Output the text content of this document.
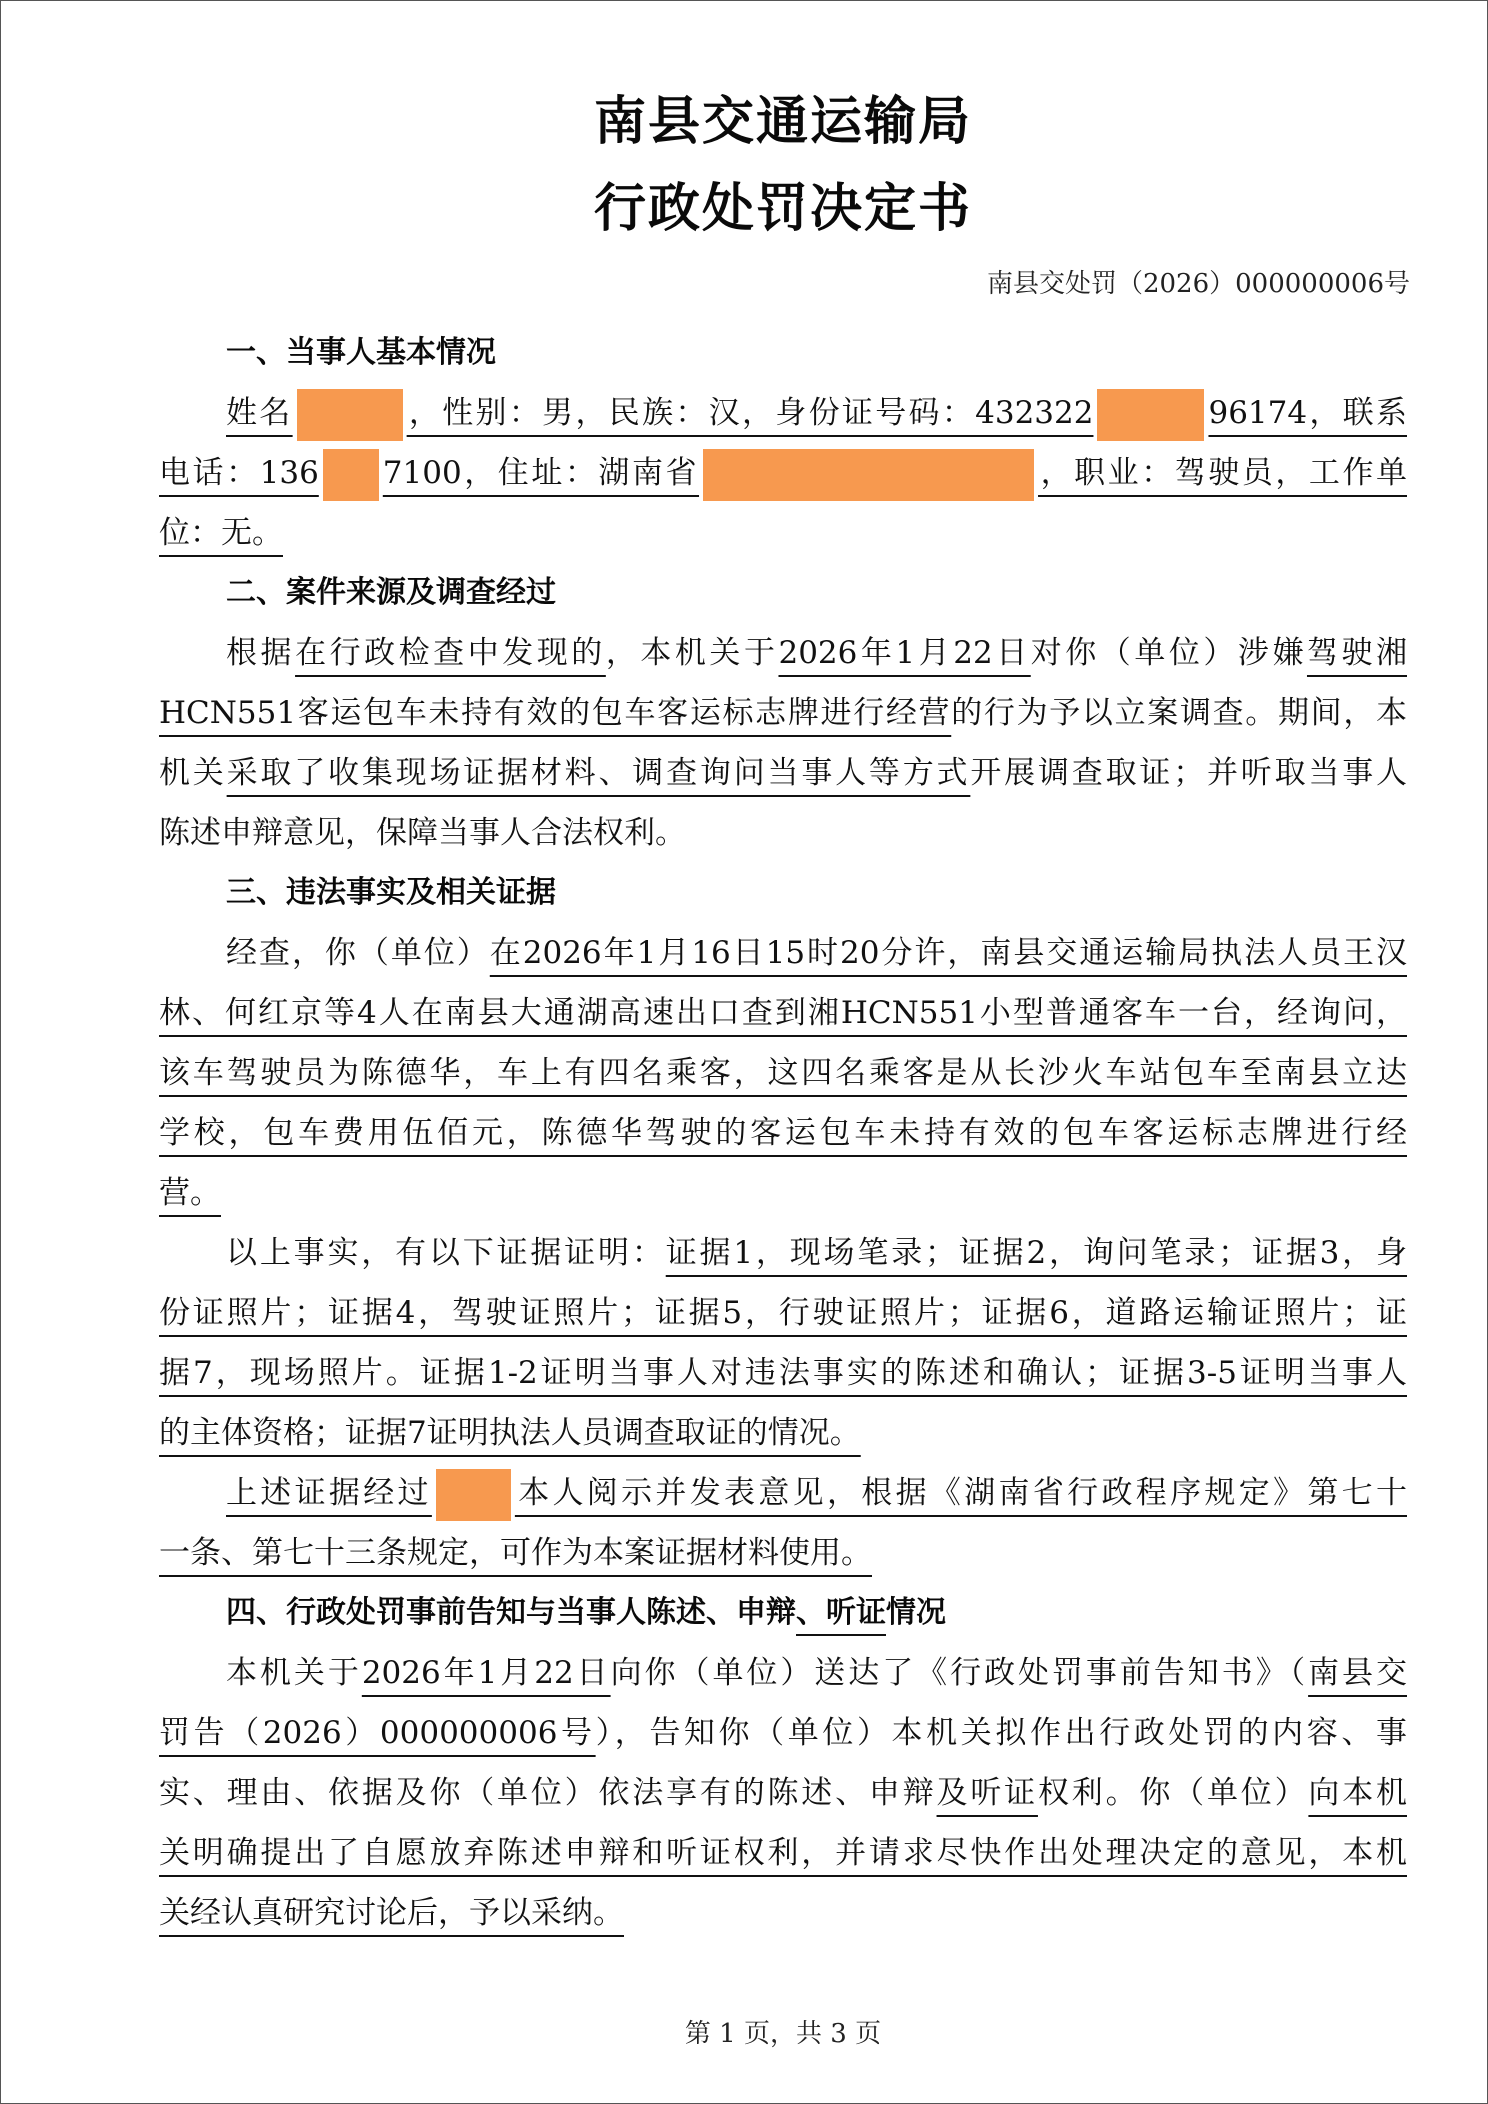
南县交通运输局
行政处罚决定书
南县交处罚（2026）000000006号
一、当事人基本情况
姓名	，性别：男，民族：汉，身份证号码：432322	96174，联系
电话：136 7100，住址：湖南省	，职业：驾驶员，工作单
位：无。
二、案件来源及调查经过
根据在行政检查中发现的，本机关于2026年1月22日对你（单位）涉嫌驾驶湘
HCN551客运包车未持有效的包车客运标志牌进行经营的行为予以立案调查。期间，本
机关采取了收集现场证据材料、调查询问当事人等方式开展调查取证；并听取当事人
陈述申辩意见，保障当事人合法权利。
三、违法事实及相关证据
经查，你（单位）在2026年1月16日15时20分许，南县交通运输局执法人员王汉
林、何红京等4人在南县大通湖高速出口查到湘HCN551小型普通客车一台，经询问，
该车驾驶员为陈德华，车上有四名乘客，这四名乘客是从长沙火车站包车至南县立达
学校，包车费用伍佰元，陈德华驾驶的客运包车未持有效的包车客运标志牌进行经
营。
以上事实，有以下证据证明：证据1，现场笔录；证据2，询问笔录；证据3，身
份证照片；证据4，驾驶证照片；证据5，行驶证照片；证据6，道路运输证照片；证
据7，现场照片。证据1-2证明当事人对违法事实的陈述和确认；证据3-5证明当事人
的主体资格；证据7证明执法人员调查取证的情况。
上述证据经过	本人阅示并发表意见，根据《湖南省行政程序规定》第七十
一条、第七十三条规定，可作为本案证据材料使用。
四、行政处罚事前告知与当事人陈述、申辩、听证情况
本机关于2026年1月22日向你（单位）送达了《行政处罚事前告知书》（南县交
罚告（2026）000000006号），告知你（单位）本机关拟作出行政处罚的内容、事
实、理由、依据及你（单位）依法享有的陈述、申辩及听证权利。你（单位）向本机
关明确提出了自愿放弃陈述申辩和听证权利，并请求尽快作出处理决定的意见，本机
关经认真研究讨论后，予以采纳。
第 1 页，共 3 页
